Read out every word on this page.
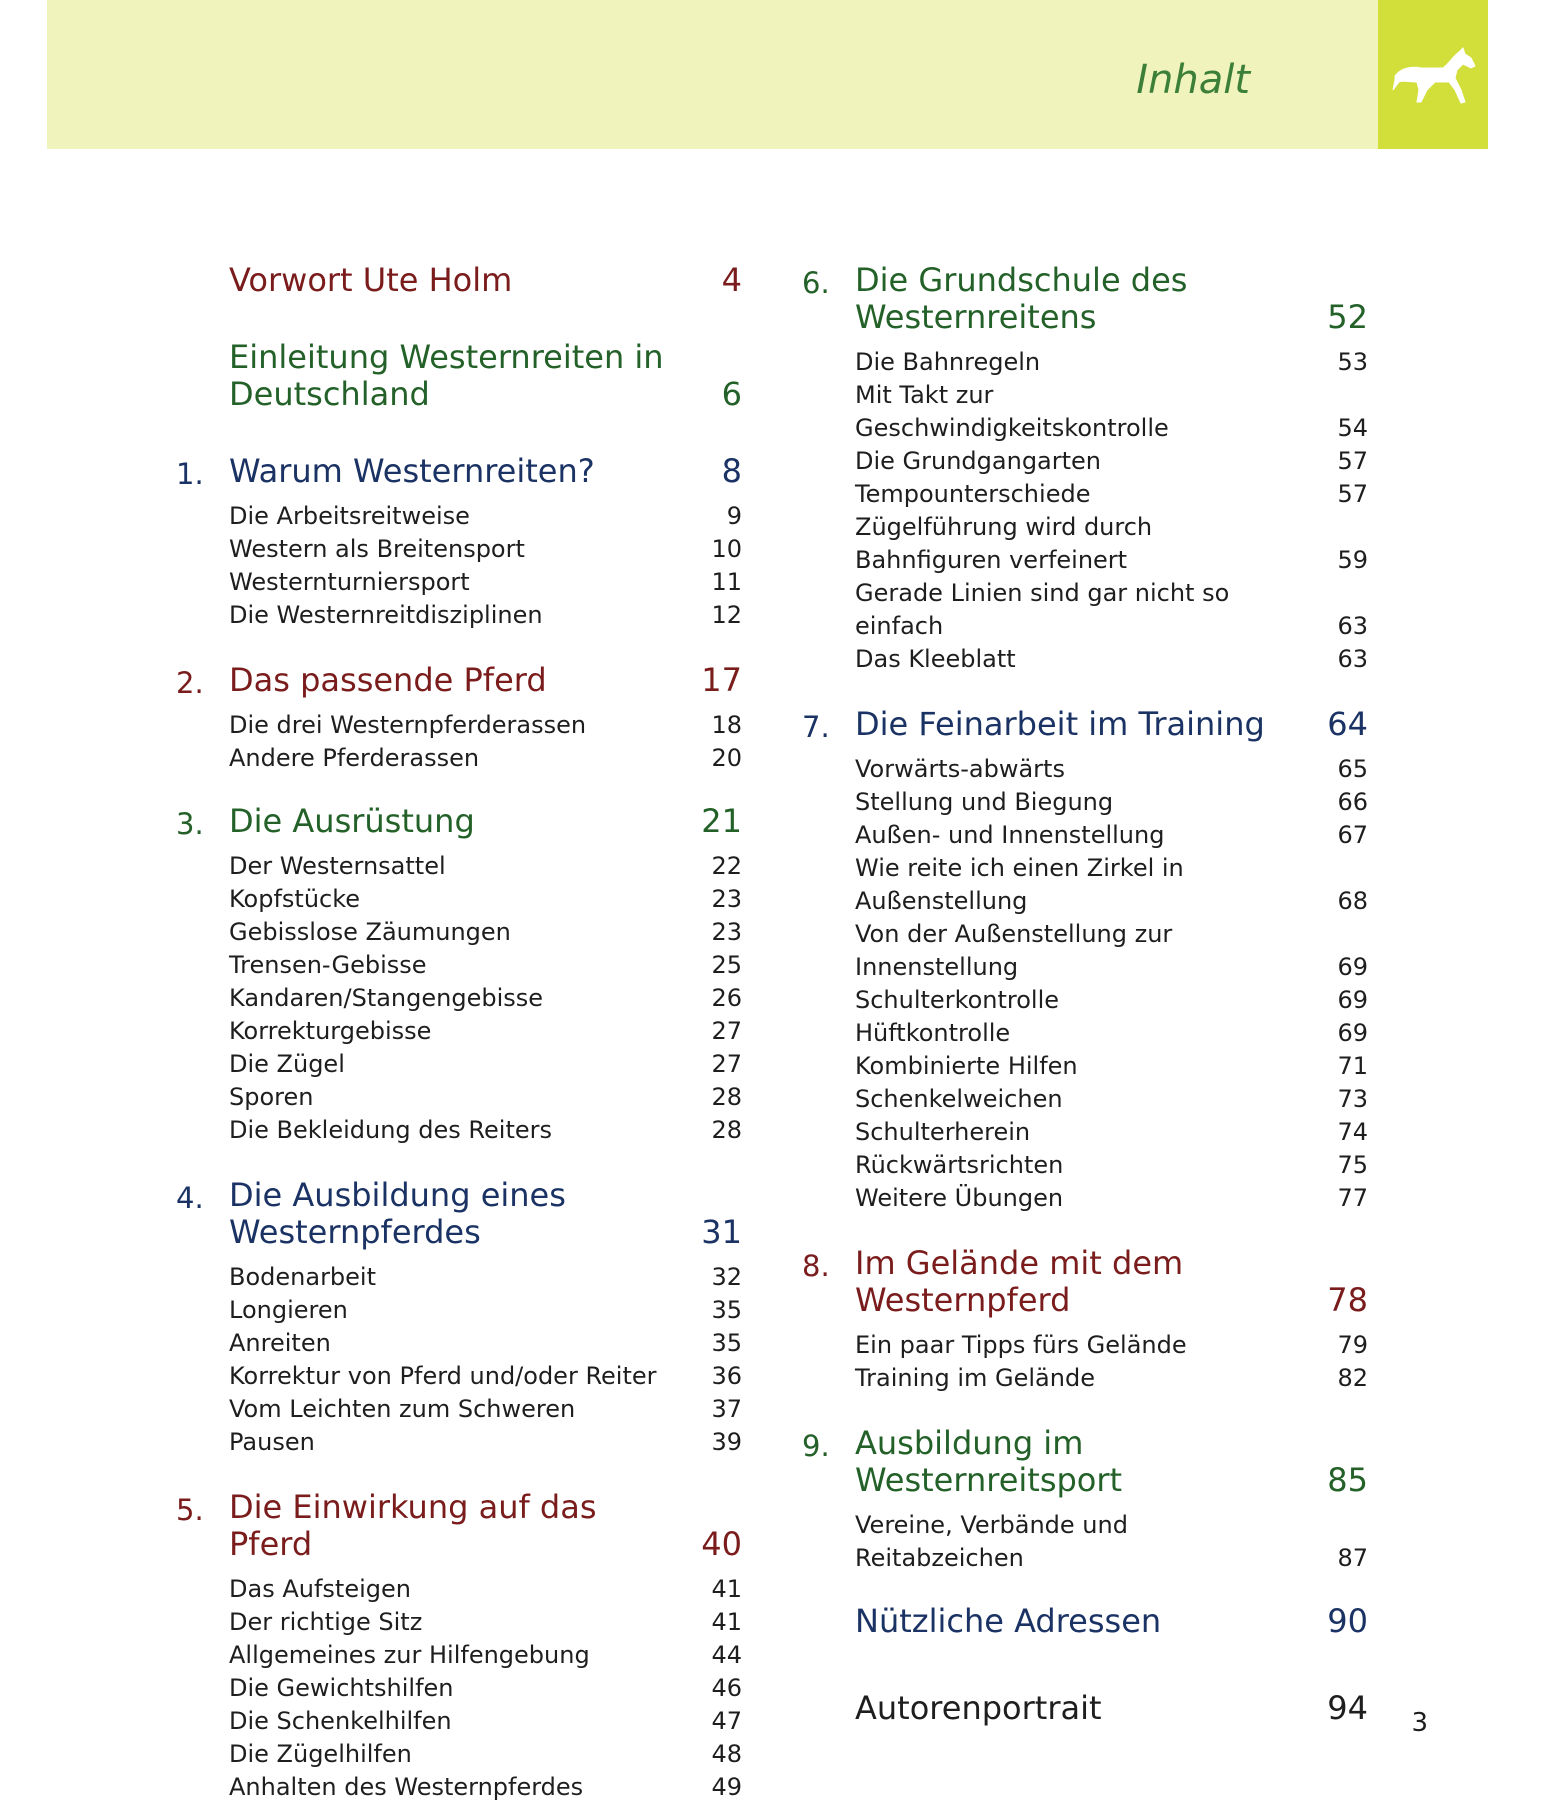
Inhalt
Vorwort Ute Holm	4
Einleitung Westernreiten in Deutschland	6
1. Warum Westernreiten?	8
Die Arbeitsreitweise	9
Western als Breitensport	10
Westernturniersport	11
Die Westernreitdisziplinen	12
2. Das passende Pferd	17
Die drei Westernpferderassen	18
Andere Pferderassen	20
3. Die Ausrüstung	21
Der Westernsattel	22
Kopfstücke	23
Gebisslose Zäumungen	23
Trensen-Gebisse	25
Kandaren/Stangengebisse	26
Korrekturgebisse	27
Die Zügel	27
Sporen	28
Die Bekleidung des Reiters	28
4. Die Ausbildung eines Westernpferdes	31
Bodenarbeit	32
Longieren	35
Anreiten	35
Korrektur von Pferd und/oder Reiter	36
Vom Leichten zum Schweren	37
Pausen	39
5. Die Einwirkung auf das Pferd	40
Das Aufsteigen	41
Der richtige Sitz	41
Allgemeines zur Hilfengebung	44
Die Gewichtshilfen	46
Die Schenkelhilfen	47
Die Zügelhilfen	48
Anhalten des Westernpferdes	49
6. Die Grundschule des Westernreitens	52
Die Bahnregeln	53
Mit Takt zur Geschwindigkeitskontrolle	54
Die Grundgangarten	57
Tempounterschiede	57
Zügelführung wird durch Bahnfiguren verfeinert	59
Gerade Linien sind gar nicht so einfach	63
Das Kleeblatt	63
7. Die Feinarbeit im Training	64
Vorwärts-abwärts	65
Stellung und Biegung	66
Außen- und Innenstellung	67
Wie reite ich einen Zirkel in Außenstellung	68
Von der Außenstellung zur Innenstellung	69
Schulterkontrolle	69
Hüftkontrolle	69
Kombinierte Hilfen	71
Schenkelweichen	73
Schulterherein	74
Rückwärtsrichten	75
Weitere Übungen	77
8. Im Gelände mit dem Westernpferd	78
Ein paar Tipps fürs Gelände	79
Training im Gelände	82
9. Ausbildung im Westernreitsport	85
Vereine, Verbände und Reitabzeichen	87
Nützliche Adressen	90
Autorenportrait	94 3
